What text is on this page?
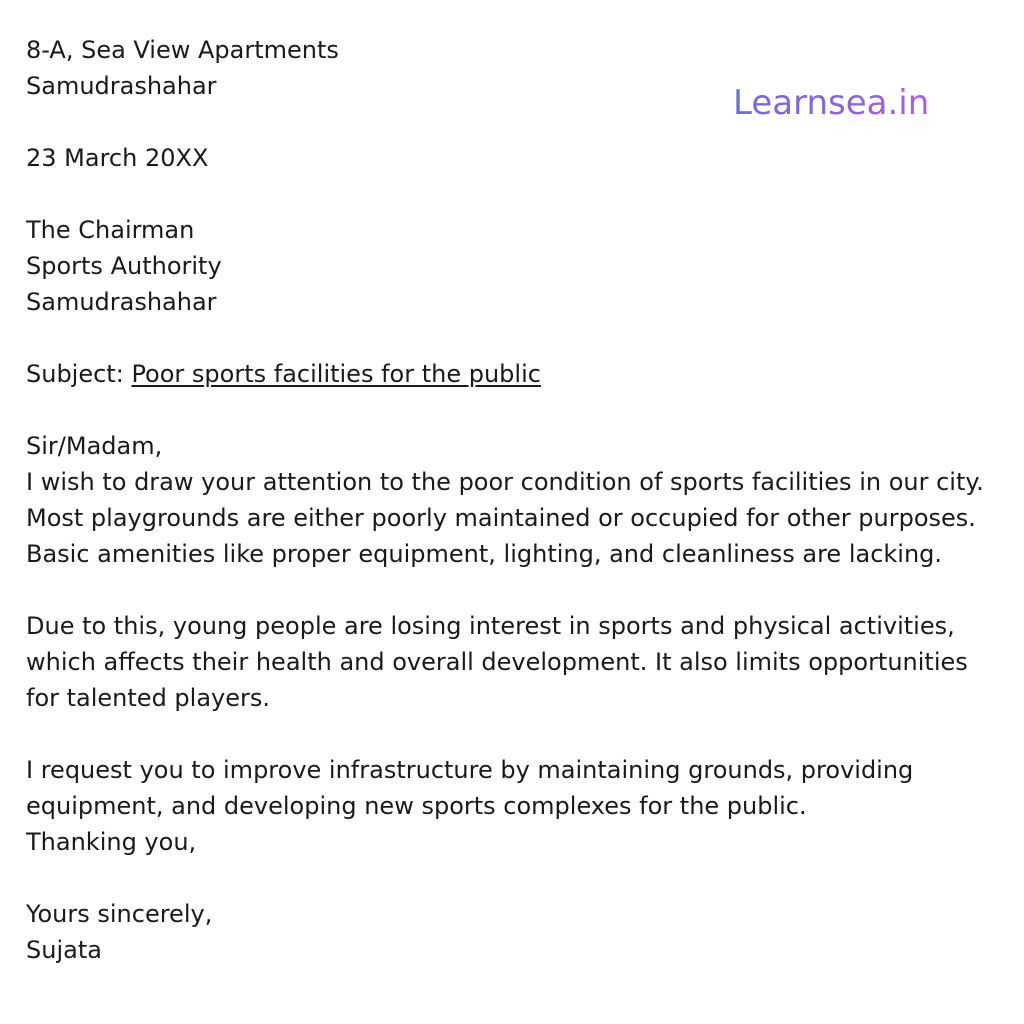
8-A, Sea View Apartments
Samudrashahar
23 March 20XX
The Chairman
Sports Authority
Samudrashahar
Subject: Poor sports facilities for the public
Sir/Madam,
I wish to draw your attention to the poor condition of sports facilities in our city. Most playgrounds are either poorly maintained or occupied for other purposes. Basic amenities like proper equipment, lighting, and cleanliness are lacking.
Due to this, young people are losing interest in sports and physical activities, which affects their health and overall development. It also limits opportunities for talented players.
I request you to improve infrastructure by maintaining grounds, providing equipment, and developing new sports complexes for the public.
Thanking you,
Yours sincerely,
Sujata
Learnsea.in
